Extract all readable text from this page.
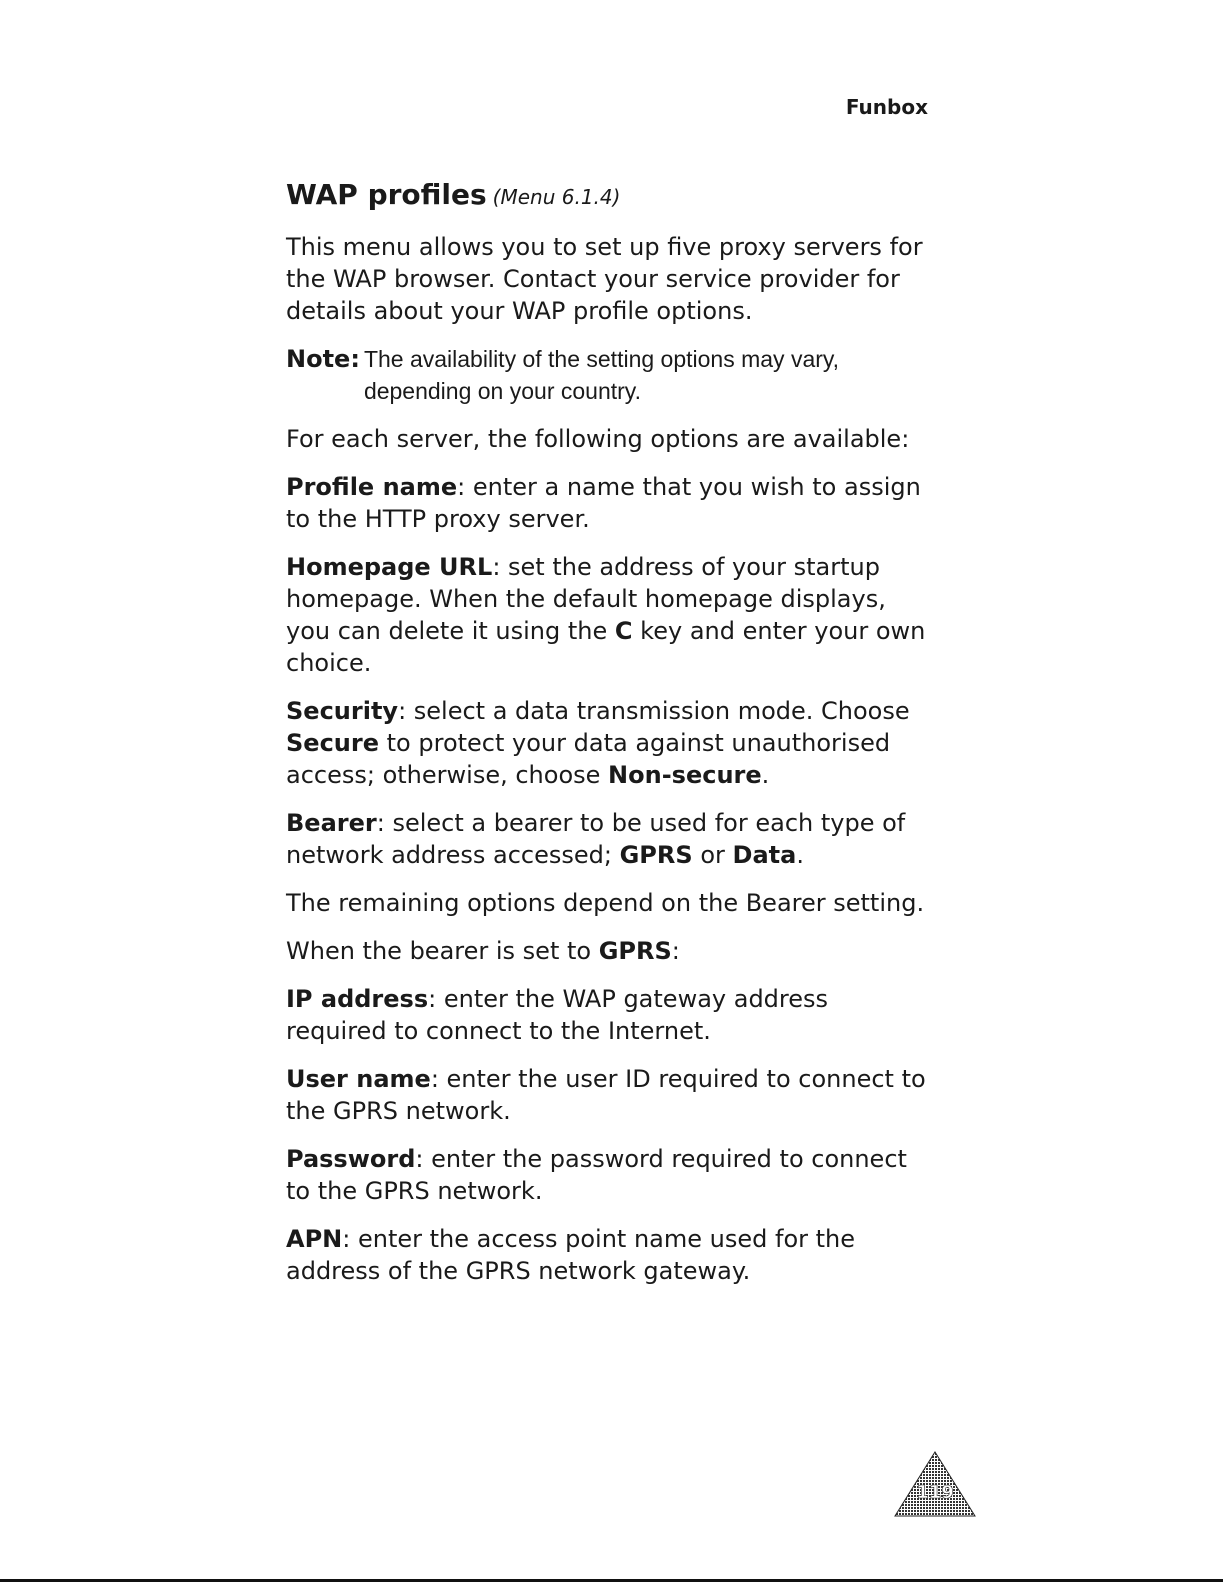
Funbox
WAP profiles (Menu 6.1.4)

This menu allows you to set up five proxy servers for the WAP browser. Contact your service provider for details about your WAP profile options.

Note: The availability of the setting options may vary, depending on your country.

For each server, the following options are available:

Profile name: enter a name that you wish to assign to the HTTP proxy server.

Homepage URL: set the address of your startup homepage. When the default homepage displays, you can delete it using the C key and enter your own choice.

Security: select a data transmission mode. Choose Secure to protect your data against unauthorised access; otherwise, choose Non-secure.

Bearer: select a bearer to be used for each type of network address accessed; GPRS or Data.

The remaining options depend on the Bearer setting.

When the bearer is set to GPRS:

IP address: enter the WAP gateway address required to connect to the Internet.

User name: enter the user ID required to connect to the GPRS network.

Password: enter the password required to connect to the GPRS network.

APN: enter the access point name used for the address of the GPRS network gateway.

119
